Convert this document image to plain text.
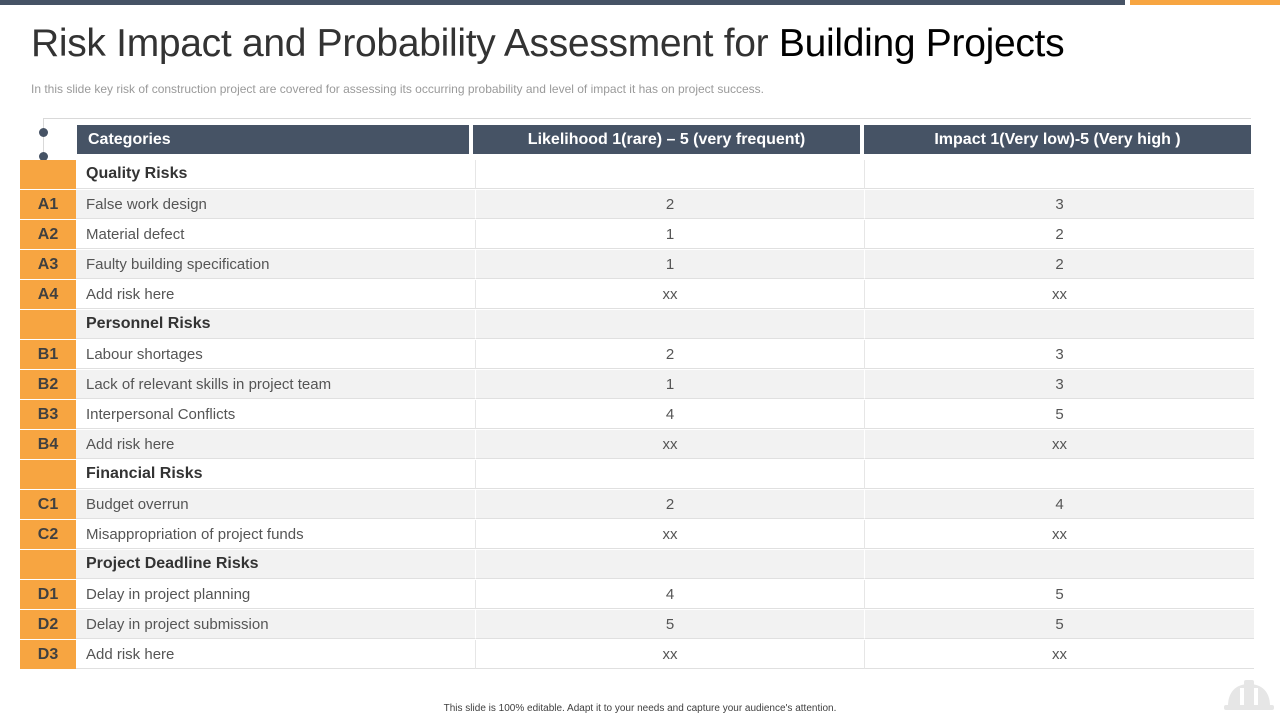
Risk Impact and Probability Assessment for Building Projects
In this slide key risk of construction project are covered for assessing its occurring probability and level of impact it has on project success.
Categories	Likelihood 1(rare) – 5 (very frequent)	Impact 1(Very low)-5 (Very high )
Quality Risks
A1	False work design	2	3
A2	Material defect	1	2
A3	Faulty building specification	1	2
A4	Add risk here	xx	xx
Personnel Risks
B1	Labour shortages	2	3
B2	Lack of relevant skills in project team	1	3
B3	Interpersonal Conflicts	4	5
B4	Add risk here	xx	xx
Financial Risks
C1	Budget overrun	2	4
C2	Misappropriation of project funds	xx	xx
Project Deadline Risks
D1	Delay in project planning	4	5
D2	Delay in project submission	5	5
D3	Add risk here	xx	xx
This slide is 100% editable. Adapt it to your needs and capture your audience's attention.
